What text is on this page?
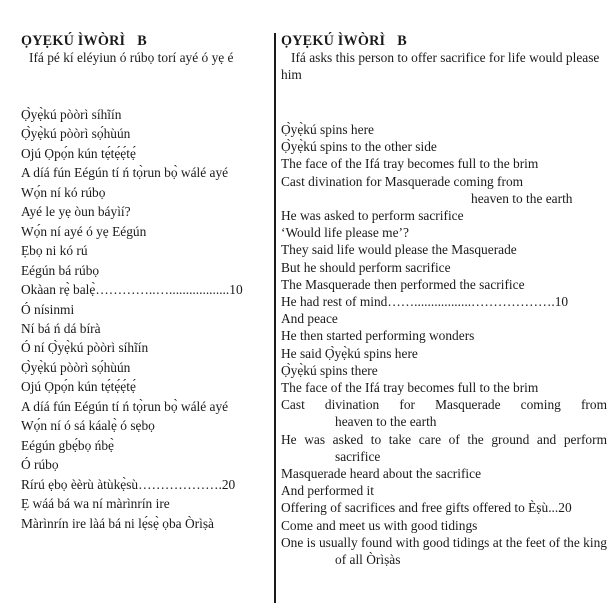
ỌYẸKÚ ÌWÒRÌ B
Ifá pé kí eléyiun ó rúbọ torí ayé ó yẹ é
Ọ̀yẹ̀kú pòòrì síhĩín
Ọ̀yẹ̀kú pòòrì sọ́hùún
Ojú Ọpọ́n kún tẹ́tẹ́ẹ́tẹ́
A díá fún Eégún tí ń tọ̀run bọ̀ wálé ayé
Wọ́n ní kó rúbọ
Ayé le yẹ òun báyìí?
Wọ́n ní ayé ó yẹ Eégún
Ẹbọ ni kó rú
Eégún bá rúbọ
Okàan rẹ̀ balẹ̀…………..…..................10
Ó nísinmi
Ní bá ń dá bírà
Ó ní Ọ̀yẹ̀kú pòòrì síhĩín
Ọ̀yẹ̀kú pòòrì sọ́hùún
Ojú Ọpọ́n kún tẹ́tẹ́ẹ́tẹ́
A díá fún Eégún tí ń tọ̀run bọ̀ wálé ayé
Wọ́n ní ó sá káalẹ̀ ó sẹbọ
Eégún gbẹ́bọ ńbẹ̀
Ó rúbọ
Rírú ẹbọ èèrù àtùkẹ̀sù……………….20
Ẹ wáá bá wa ní màrìnrín ire
Màrìnrín ire làá bá ni lẹ́sẹ̀ ọba Òrìṣà
ỌYẸKÚ ÌWÒRÌ B
Ifá asks this person to offer sacrifice for life would please him
Ọ̀yẹ̀kú spins here
Ọ̀yẹ̀kú spins to the other side
The face of the Ifá tray becomes full to the brim
Cast divination for Masquerade coming from
heaven to the earth
He was asked to perform sacrifice
‘Would life please me’?
They said life would please the Masquerade
But he should perform sacrifice
The Masquerade then performed the sacrifice
He had rest of mind…….................……………….10
And peace
He then started performing wonders
He said Ọ̀yẹ̀kú spins here
Ọ̀yẹ̀kú spins there
The face of the Ifá tray becomes full to the brim
Cast divination for Masquerade coming from
heaven to the earth
He was asked to take care of the ground and perform sacrifice
Masquerade heard about the sacrifice
And performed it
Offering of sacrifices and free gifts offered to Èṣù...20
Come and meet us with good tidings
One is usually found with good tidings at the feet of the king of all Òrìṣàs
